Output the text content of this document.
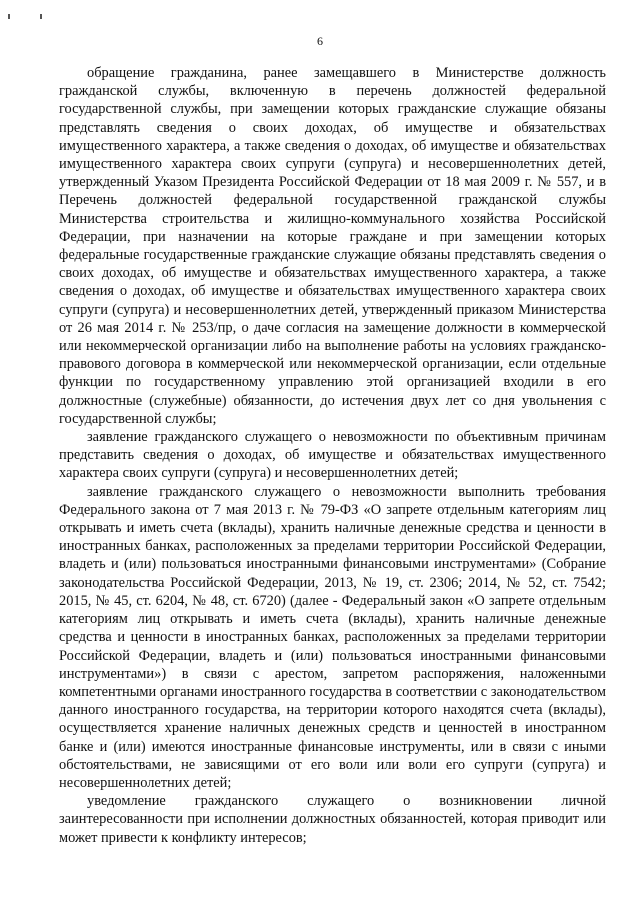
6

обращение гражданина, ранее замещавшего в Министерстве должность гражданской службы, включенную в перечень должностей федеральной государственной службы, при замещении которых гражданские служащие обязаны представлять сведения о своих доходах, об имуществе и обязательствах имущественного характера, а также сведения о доходах, об имуществе и обязательствах имущественного характера своих супруги (супруга) и несовершеннолетних детей, утвержденный Указом Президента Российской Федерации от 18 мая 2009 г. № 557, и в Перечень должностей федеральной государственной гражданской службы Министерства строительства и жилищно-коммунального хозяйства Российской Федерации, при назначении на которые граждане и при замещении которых федеральные государственные гражданские служащие обязаны представлять сведения о своих доходах, об имуществе и обязательствах имущественного характера, а также сведения о доходах, об имуществе и обязательствах имущественного характера своих супруги (супруга) и несовершеннолетних детей, утвержденный приказом Министерства от 26 мая 2014 г. № 253/пр, о даче согласия на замещение должности в коммерческой или некоммерческой организации либо на выполнение работы на условиях гражданско-правового договора в коммерческой или некоммерческой организации, если отдельные функции по государственному управлению этой организацией входили в его должностные (служебные) обязанности, до истечения двух лет со дня увольнения с государственной службы;

заявление гражданского служащего о невозможности по объективным причинам представить сведения о доходах, об имуществе и обязательствах имущественного характера своих супруги (супруга) и несовершеннолетних детей;

заявление гражданского служащего о невозможности выполнить требования Федерального закона от 7 мая 2013 г. № 79-ФЗ «О запрете отдельным категориям лиц открывать и иметь счета (вклады), хранить наличные денежные средства и ценности в иностранных банках, расположенных за пределами территории Российской Федерации, владеть и (или) пользоваться иностранными финансовыми инструментами» (Собрание законодательства Российской Федерации, 2013, № 19, ст. 2306; 2014, № 52, ст. 7542; 2015, № 45, ст. 6204, № 48, ст. 6720) (далее - Федеральный закон «О запрете отдельным категориям лиц открывать и иметь счета (вклады), хранить наличные денежные средства и ценности в иностранных банках, расположенных за пределами территории Российской Федерации, владеть и (или) пользоваться иностранными финансовыми инструментами») в связи с арестом, запретом распоряжения, наложенными компетентными органами иностранного государства в соответствии с законодательством данного иностранного государства, на территории которого находятся счета (вклады), осуществляется хранение наличных денежных средств и ценностей в иностранном банке и (или) имеются иностранные финансовые инструменты, или в связи с иными обстоятельствами, не зависящими от его воли или воли его супруги (супруга) и несовершеннолетних детей;

уведомление гражданского служащего о возникновении личной заинтересованности при исполнении должностных обязанностей, которая приводит или может привести к конфликту интересов;
